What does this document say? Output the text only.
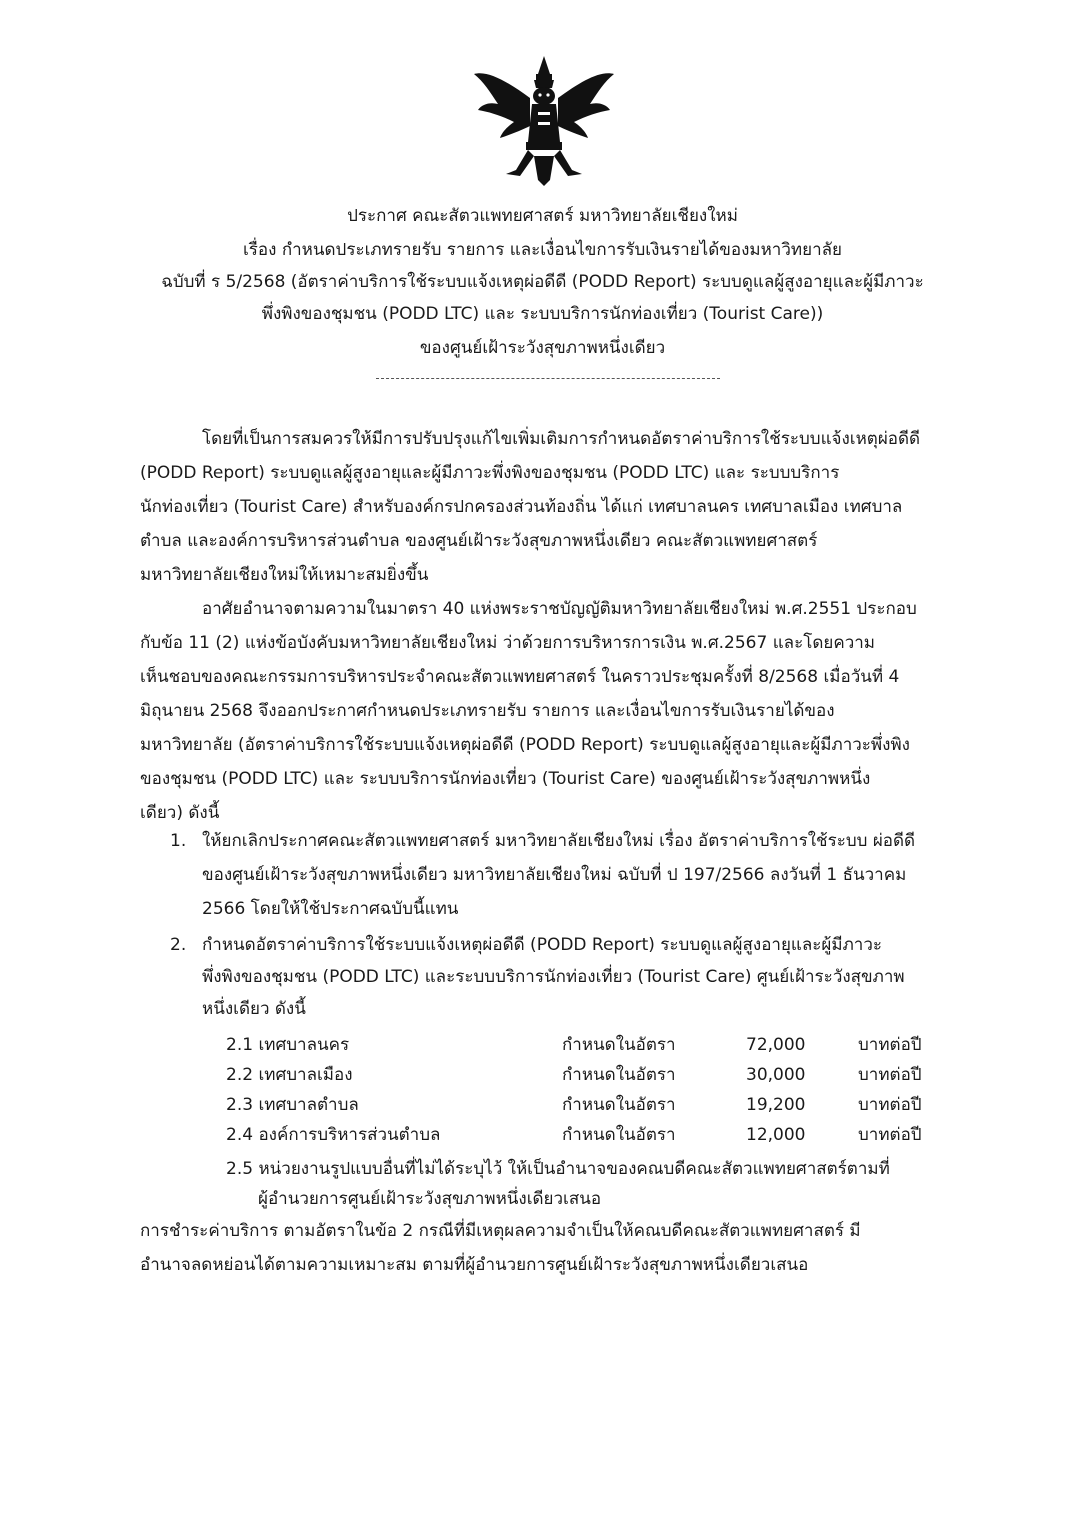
ประกาศ คณะสัตวแพทยศาสตร์ มหาวิทยาลัยเชียงใหม่
เรื่อง กำหนดประเภทรายรับ รายการ และเงื่อนไขการรับเงินรายได้ของมหาวิทยาลัย
ฉบับที่ ร 5/2568 (อัตราค่าบริการใช้ระบบแจ้งเหตุผ่อดีดี (PODD Report) ระบบดูแลผู้สูงอายุและผู้มีภาวะ
พึ่งพิงของชุมชน (PODD LTC) และ ระบบบริการนักท่องเที่ยว (Tourist Care))
ของศูนย์เฝ้าระวังสุขภาพหนึ่งเดียว
โดยที่เป็นการสมควรให้มีการปรับปรุงแก้ไขเพิ่มเติมการกำหนดอัตราค่าบริการใช้ระบบแจ้งเหตุผ่อดีดี
(PODD Report) ระบบดูแลผู้สูงอายุและผู้มีภาวะพึ่งพิงของชุมชน (PODD LTC) และ ระบบบริการ
นักท่องเที่ยว (Tourist Care) สำหรับองค์กรปกครองส่วนท้องถิ่น ได้แก่ เทศบาลนคร เทศบาลเมือง เทศบาล
ตำบล และองค์การบริหารส่วนตำบล ของศูนย์เฝ้าระวังสุขภาพหนึ่งเดียว คณะสัตวแพทยศาสตร์
มหาวิทยาลัยเชียงใหม่ให้เหมาะสมยิ่งขึ้น
อาศัยอำนาจตามความในมาตรา 40 แห่งพระราชบัญญัติมหาวิทยาลัยเชียงใหม่ พ.ศ.2551 ประกอบ
กับข้อ 11 (2) แห่งข้อบังคับมหาวิทยาลัยเชียงใหม่ ว่าด้วยการบริหารการเงิน พ.ศ.2567 และโดยความ
เห็นชอบของคณะกรรมการบริหารประจำคณะสัตวแพทยศาสตร์ ในคราวประชุมครั้งที่ 8/2568 เมื่อวันที่ 4
มิถุนายน 2568 จึงออกประกาศกำหนดประเภทรายรับ รายการ และเงื่อนไขการรับเงินรายได้ของ
มหาวิทยาลัย (อัตราค่าบริการใช้ระบบแจ้งเหตุผ่อดีดี (PODD Report) ระบบดูแลผู้สูงอายุและผู้มีภาวะพึ่งพิง
ของชุมชน (PODD LTC) และ ระบบบริการนักท่องเที่ยว (Tourist Care) ของศูนย์เฝ้าระวังสุขภาพหนึ่ง
เดียว) ดังนี้
1. ให้ยกเลิกประกาศคณะสัตวแพทยศาสตร์ มหาวิทยาลัยเชียงใหม่ เรื่อง อัตราค่าบริการใช้ระบบ ผ่อดีดี
ของศูนย์เฝ้าระวังสุขภาพหนึ่งเดียว มหาวิทยาลัยเชียงใหม่ ฉบับที่ ป 197/2566 ลงวันที่ 1 ธันวาคม
2566 โดยให้ใช้ประกาศฉบับนี้แทน
2. กำหนดอัตราค่าบริการใช้ระบบแจ้งเหตุผ่อดีดี (PODD Report) ระบบดูแลผู้สูงอายุและผู้มีภาวะ
พึ่งพิงของชุมชน (PODD LTC) และระบบบริการนักท่องเที่ยว (Tourist Care) ศูนย์เฝ้าระวังสุขภาพ
หนึ่งเดียว ดังนี้
2.1 เทศบาลนคร	กำหนดในอัตรา	72,000	บาทต่อปี
2.2 เทศบาลเมือง	กำหนดในอัตรา	30,000	บาทต่อปี
2.3 เทศบาลตำบล	กำหนดในอัตรา	19,200	บาทต่อปี
2.4 องค์การบริหารส่วนตำบล	กำหนดในอัตรา	12,000	บาทต่อปี
2.5 หน่วยงานรูปแบบอื่นที่ไม่ได้ระบุไว้ ให้เป็นอำนาจของคณบดีคณะสัตวแพทยศาสตร์ตามที่
ผู้อำนวยการศูนย์เฝ้าระวังสุขภาพหนึ่งเดียวเสนอ
การชำระค่าบริการ ตามอัตราในข้อ 2 กรณีที่มีเหตุผลความจำเป็นให้คณบดีคณะสัตวแพทยศาสตร์ มี
อำนาจลดหย่อนได้ตามความเหมาะสม ตามที่ผู้อำนวยการศูนย์เฝ้าระวังสุขภาพหนึ่งเดียวเสนอ
